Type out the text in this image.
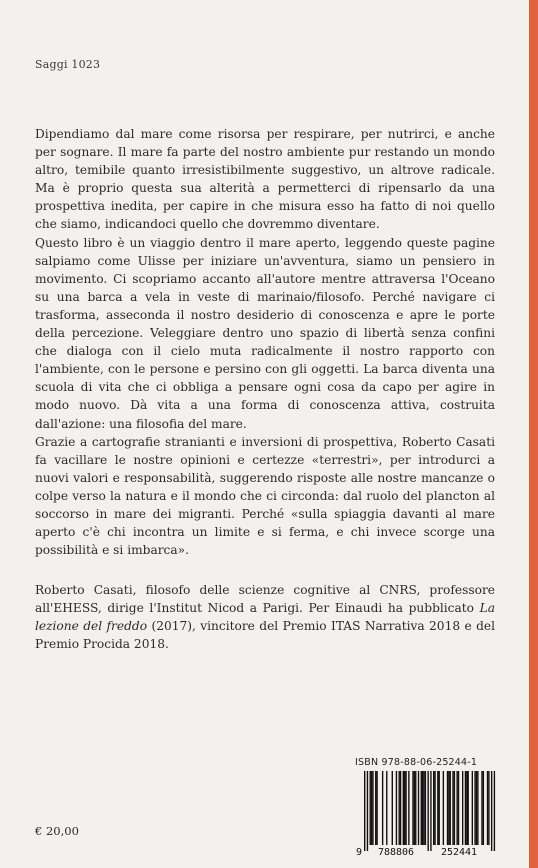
Saggi 1023

Dipendiamo dal mare come risorsa per respirare, per nutrirci, e anche per sognare. Il mare fa parte del nostro ambiente pur restando un mondo altro, temibile quanto irresistibilmente suggestivo, un altrove radicale. Ma è proprio questa sua alterità a permetterci di ripensarlo da una prospettiva inedita, per capire in che misura esso ha fatto di noi quello che siamo, indicandoci quello che dovremmo diventare.

Questo libro è un viaggio dentro il mare aperto, leggendo queste pagine salpiamo come Ulisse per iniziare un'avventura, siamo un pensiero in movimento. Ci scopriamo accanto all'autore mentre attraversa l'Oceano su una barca a vela in veste di marinaio/filosofo. Perché navigare ci trasforma, asseconda il nostro desiderio di conoscenza e apre le porte della percezione. Veleggiare dentro uno spazio di libertà senza confini che dialoga con il cielo muta radicalmente il nostro rapporto con l'ambiente, con le persone e persino con gli oggetti. La barca diventa una scuola di vita che ci obbliga a pensare ogni cosa da capo per agire in modo nuovo. Dà vita a una forma di conoscenza attiva, costruita dall'azione: una filosofia del mare.

Grazie a cartografie stranianti e inversioni di prospettiva, Roberto Casati fa vacillare le nostre opinioni e certezze «terrestri», per introdurci a nuovi valori e responsabilità, suggerendo risposte alle nostre mancanze o colpe verso la natura e il mondo che ci circonda: dal ruolo del plancton al soccorso in mare dei migranti. Perché «sulla spiaggia davanti al mare aperto c'è chi incontra un limite e si ferma, e chi invece scorge una possibilità e si imbarca».

Roberto Casati, filosofo delle scienze cognitive al CNRS, professore all'EHESS, dirige l'Institut Nicod a Parigi. Per Einaudi ha pubblicato La lezione del freddo (2017), vincitore del Premio ITAS Narrativa 2018 e del Premio Procida 2018.

ISBN 978-88-06-25244-1
9 788806	252441
€ 20,00
